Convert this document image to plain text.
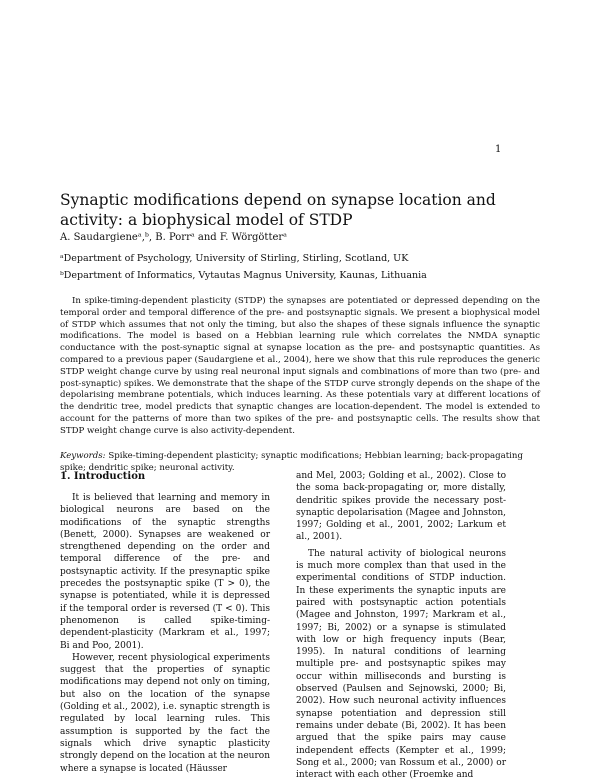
1
Synaptic modifications depend on synapse location and activity: a biophysical model of STDP

A. Saudargieneᵃ,ᵇ, B. Porrᵃ and F. Wörgötterᵃ

ᵃDepartment of Psychology, University of Stirling, Stirling, Scotland, UK

ᵇDepartment of Informatics, Vytautas Magnus University, Kaunas, Lithuania

In spike-timing-dependent plasticity (STDP) the synapses are potentiated or depressed depending on the temporal order and temporal difference of the pre- and postsynaptic signals. We present a biophysical model of STDP which assumes that not only the timing, but also the shapes of these signals influence the synaptic modifications. The model is based on a Hebbian learning rule which correlates the NMDA synaptic conductance with the post-synaptic signal at synapse location as the pre- and postsynaptic quantities. As compared to a previous paper (Saudargiene et al., 2004), here we show that this rule reproduces the generic STDP weight change curve by using real neuronal input signals and combinations of more than two (pre- and post-synaptic) spikes. We demonstrate that the shape of the STDP curve strongly depends on the shape of the depolarising membrane potentials, which induces learning. As these potentials vary at different locations of the dendritic tree, model predicts that synaptic changes are location-dependent. The model is extended to account for the patterns of more than two spikes of the pre- and postsynaptic cells. The results show that STDP weight change curve is also activity-dependent.

Keywords: Spike-timing-dependent plasticity; synaptic modifications; Hebbian learning; back-propagating spike; dendritic spike; neuronal activity.

1. Introduction

It is believed that learning and memory in biological neurons are based on the modifications of the synaptic strengths (Benett, 2000). Synapses are weakened or strengthened depending on the order and temporal difference of the pre- and postsynaptic activity. If the presynaptic spike precedes the postsynaptic spike (T > 0), the synapse is potentiated, while it is depressed if the temporal order is reversed (T < 0). This phenomenon is called spike-timing-dependent-plasticity (Markram et al., 1997; Bi and Poo, 2001).

However, recent physiological experiments suggest that the properties of synaptic modifications may depend not only on timing, but also on the location of the synapse (Golding et al., 2002), i.e. synaptic strength is regulated by local learning rules. This assumption is supported by the fact the signals which drive synaptic plasticity strongly depend on the location at the neuron where a synapse is located (Häusser

and Mel, 2003; Golding et al., 2002). Close to the soma back-propagating or, more distally, dendritic spikes provide the necessary post-synaptic depolarisation (Magee and Johnston, 1997; Golding et al., 2001, 2002; Larkum et al., 2001).

The natural activity of biological neurons is much more complex than that used in the experimental conditions of STDP induction. In these experiments the synaptic inputs are paired with postsynaptic action potentials (Magee and Johnston, 1997; Markram et al., 1997; Bi, 2002) or a synapse is stimulated with low or high frequency inputs (Bear, 1995). In natural conditions of learning multiple pre- and postsynaptic spikes may occur within milliseconds and bursting is observed (Paulsen and Sejnowski, 2000; Bi, 2002). How such neuronal activity influences synapse potentiation and depression still remains under debate (Bi, 2002). It has been argued that the spike pairs may cause independent effects (Kempter et al., 1999; Song et al., 2000; van Rossum et al., 2000) or interact with each other (Froemke and
